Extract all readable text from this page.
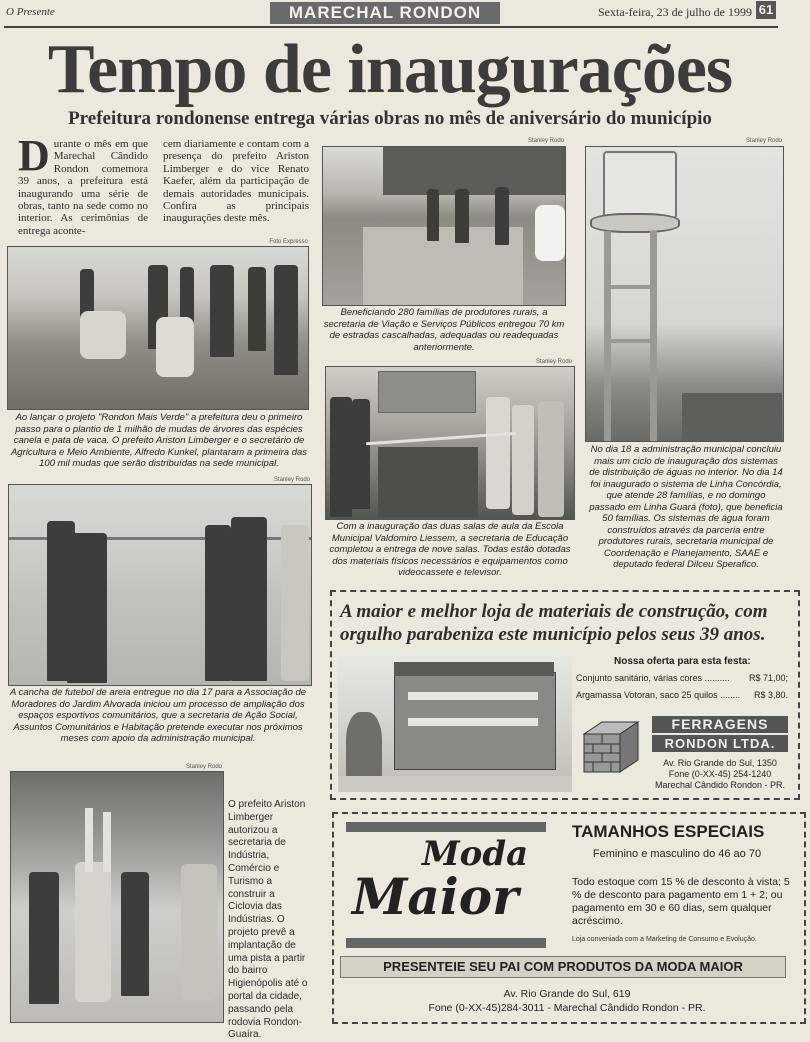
O Presente	MARECHAL RONDON	Sexta-feira, 23 de julho de 1999 61
Tempo de inaugurações
Prefeitura rondonense entrega várias obras no mês de aniversário do município
Durante o mês em que Marechal Cândido Rondon comemora 39 anos, a prefeitura está inaugurando uma série de obras, tanto na sede como no interior. As cerimônias de entrega aconte-
cem diariamente e contam com a presença do prefeito Ariston Limberger e do vice Renato Kaefer, além da participação de demais autoridades municipais. Confira as principais inaugurações deste mês.
Foto Expresso
Ao lançar o projeto "Rondon Mais Verde" a prefeitura deu o primeiro passo para o plantio de 1 milhão de mudas de árvores das espécies canela e pata de vaca. O prefeito Ariston Limberger e o secretário de Agricultura e Meio Ambiente, Alfredo Kunkel, plantaram a primeira das 100 mil mudas que serão distribuídas na sede municipal.
Stanley Rodo
Beneficiando 280 famílias de produtores rurais, a secretaria de Viação e Serviços Públicos entregou 70 km de estradas cascalhadas, adequadas ou readequadas anteriormente.
Stanley Rodo
No dia 18 a administração municipal concluiu mais um ciclo de inauguração dos sistemas de distribuição de águas no interior. No dia 14 foi inaugurado o sistema de Linha Concórdia, que atende 28 famílias, e no domingo passado em Linha Guará (foto), que beneficia 50 famílias. Os sistemas de água foram construídos através da parceria entre produtores rurais, secretaria municipal de Coordenação e Planejamento, SAAE e deputado federal Dilceu Sperafico.
Stanley Rodo
Com a inauguração das duas salas de aula da Escola Municipal Valdomiro Liessem, a secretaria de Educação completou a entrega de nove salas. Todas estão dotadas dos materiais físicos necessários e equipamentos como videocassete e televisor.
Stanley Rodo
A cancha de futebol de areia entregue no dia 17 para a Associação de Moradores do Jardim Alvorada iniciou um processo de ampliação dos espaços esportivos comunitários, que a secretaria de Ação Social, Assuntos Comunitários e Habitação pretende executar nos próximos meses com apoio da administração municipal.
Stanley Rodo
O prefeito Ariston Limberger autorizou a secretaria de Indústria, Comércio e Turismo a construir a Ciclovia das Indústrias. O projeto prevê a implantação de uma pista a partir do bairro Higienópolis até o portal da cidade, passando pela rodovia Rondon-Guaíra.
A maior e melhor loja de materiais de construção, com orgulho parabeniza este município pelos seus 39 anos.
Nossa oferta para esta festa:
Conjunto sanitário, várias cores .......... R$ 71,00;
Argamassa Votoran, saco 25 quilos ........ R$ 3,80.
FERRAGENS
RONDON LTDA.
Av. Rio Grande do Sul, 1350
Fone (0-XX-45) 254-1240
Marechal Cândido Rondon - PR.
Moda
Maior
TAMANHOS ESPECIAIS
Feminino e masculino do 46 ao 70
Todo estoque com 15 % de desconto à vista; 5 % de desconto para pagamento em 1 + 2; ou pagamento em 30 e 60 dias, sem qualquer acréscimo.
Loja conveniada com a Marketing de Consumo e Evolução.
PRESENTEIE SEU PAI COM PRODUTOS DA MODA MAIOR
Av. Rio Grande do Sul, 619
Fone (0-XX-45)284-3011 - Marechal Cândido Rondon - PR.
